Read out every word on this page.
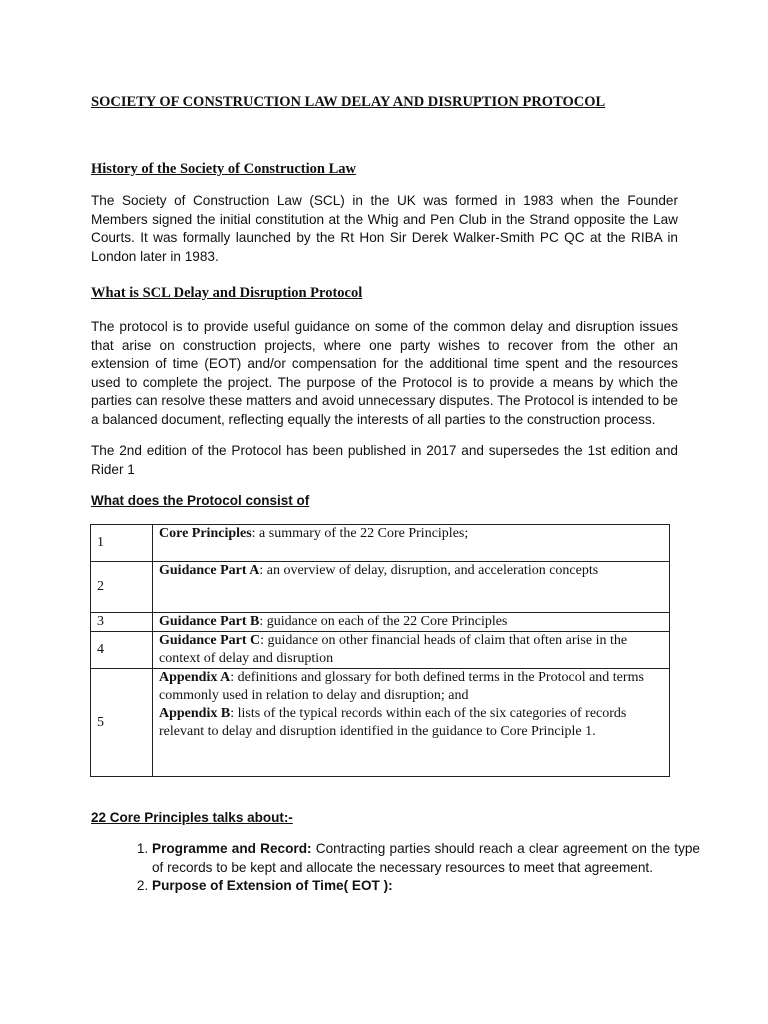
SOCIETY OF CONSTRUCTION LAW DELAY AND DISRUPTION PROTOCOL
History of the Society of Construction Law

The Society of Construction Law (SCL) in the UK was formed in 1983 when the Founder Members signed the initial constitution at the Whig and Pen Club in the Strand opposite the Law Courts. It was formally launched by the Rt Hon Sir Derek Walker-Smith PC QC at the RIBA in London later in 1983.

What is SCL Delay and Disruption Protocol

The protocol is to provide useful guidance on some of the common delay and disruption issues that arise on construction projects, where one party wishes to recover from the other an extension of time (EOT) and/or compensation for the additional time spent and the resources used to complete the project. The purpose of the Protocol is to provide a means by which the parties can resolve these matters and avoid unnecessary disputes. The Protocol is intended to be a balanced document, reflecting equally the interests of all parties to the construction process.

The 2nd edition of the Protocol has been published in 2017 and supersedes the 1st edition and Rider 1

What does the Protocol consist of
1	Core Principles: a summary of the 22 Core Principles;
2	Guidance Part A: an overview of delay, disruption, and acceleration concepts
3	Guidance Part B: guidance on each of the 22 Core Principles
4	Guidance Part C: guidance on other financial heads of claim that often arise in the context of delay and disruption
5	Appendix A: definitions and glossary for both defined terms in the Protocol and terms commonly used in relation to delay and disruption; and
Appendix B: lists of the typical records within each of the six categories of records relevant to delay and disruption identified in the guidance to Core Principle 1.
22 Core Principles talks about:-
1. Programme and Record: Contracting parties should reach a clear agreement on the type of records to be kept and allocate the necessary resources to meet that agreement.
2. Purpose of Extension of Time( EOT ):
